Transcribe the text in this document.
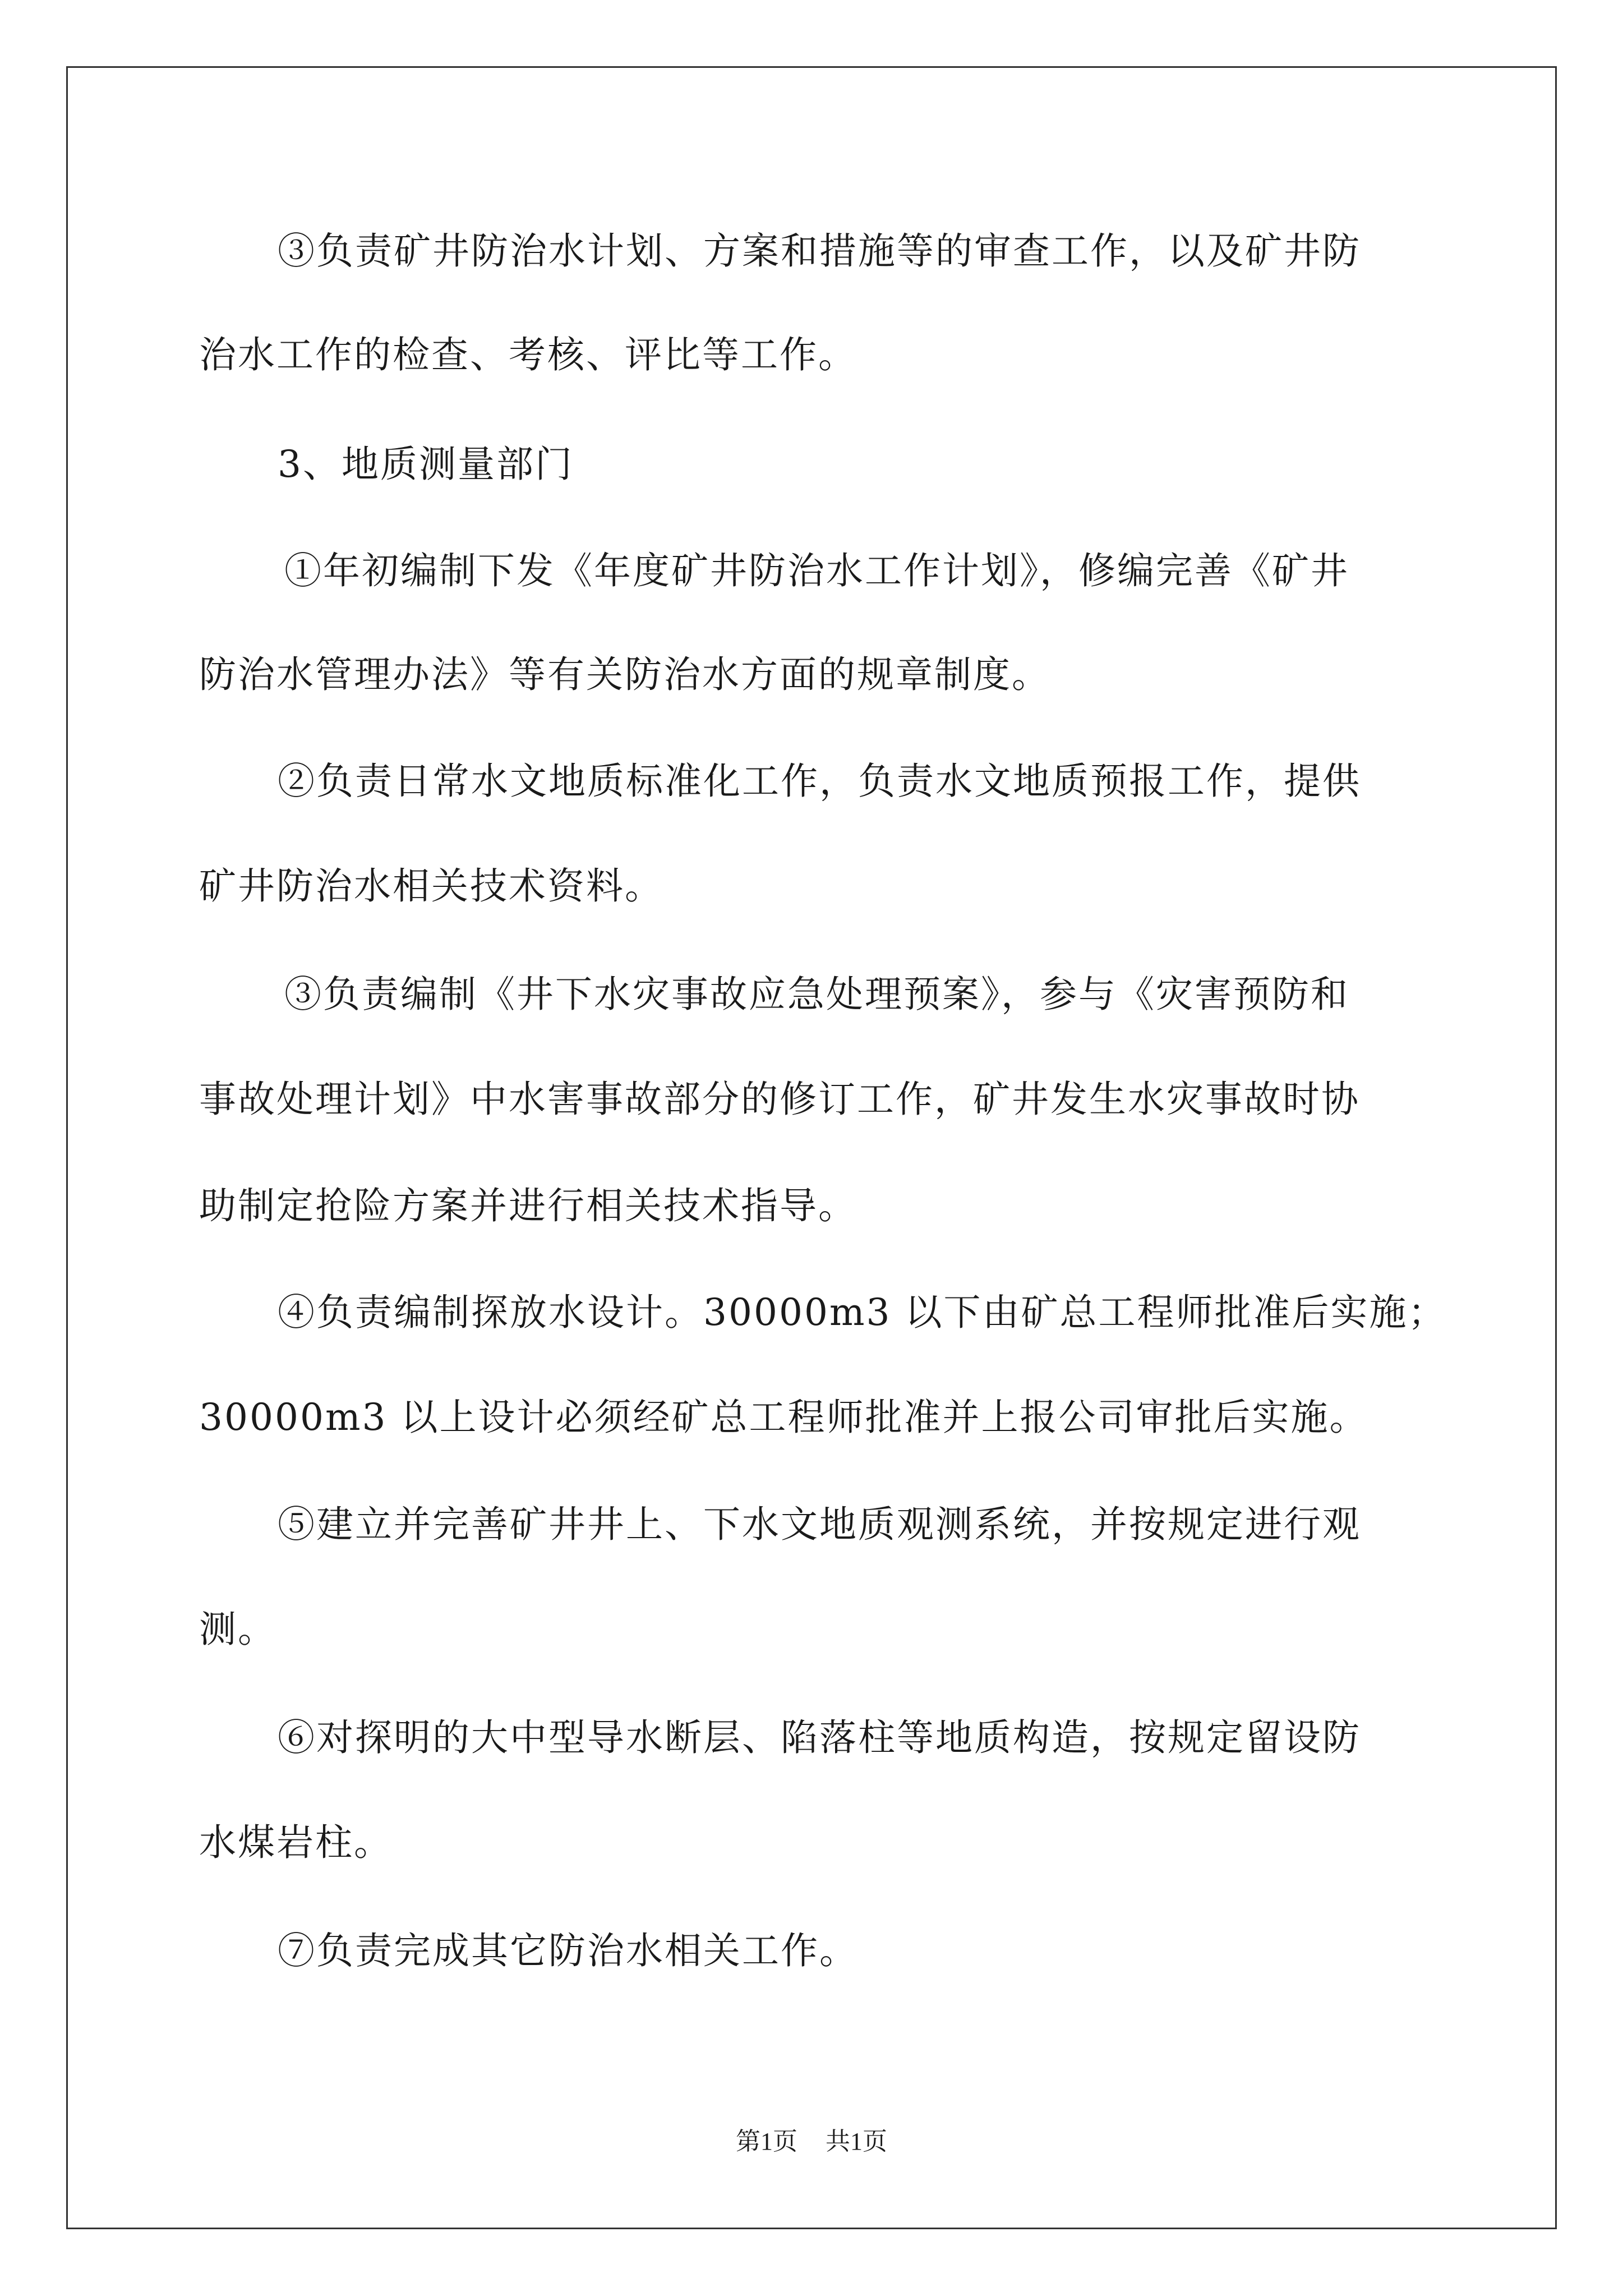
③负责矿井防治水计划、方案和措施等的审查工作，以及矿井防
治水工作的检查、考核、评比等工作。
3、地质测量部门
①年初编制下发《年度矿井防治水工作计划》，修编完善《矿井
防治水管理办法》等有关防治水方面的规章制度。
②负责日常水文地质标准化工作，负责水文地质预报工作，提供
矿井防治水相关技术资料。
③负责编制《井下水灾事故应急处理预案》，参与《灾害预防和
事故处理计划》中水害事故部分的修订工作，矿井发生水灾事故时协
助制定抢险方案并进行相关技术指导。
④负责编制探放水设计。30000m3 以下由矿总工程师批准后实施；
30000m3 以上设计必须经矿总工程师批准并上报公司审批后实施。
⑤建立并完善矿井井上、下水文地质观测系统，并按规定进行观
测。
⑥对探明的大中型导水断层、陷落柱等地质构造，按规定留设防
水煤岩柱。
⑦负责完成其它防治水相关工作。
第1页 共1页
